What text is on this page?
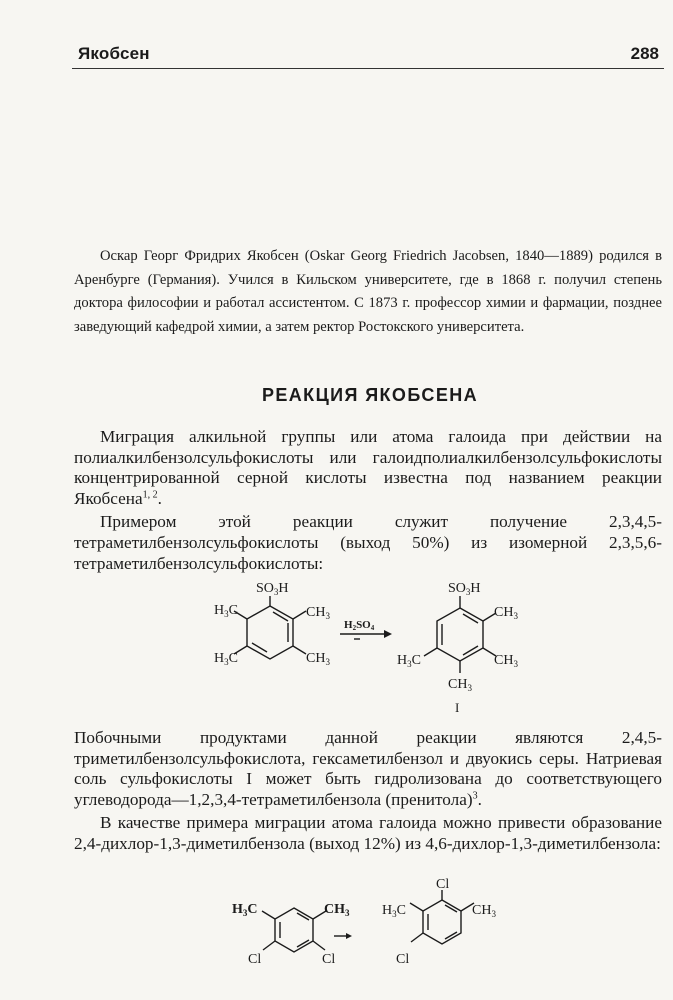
Якобсен	288

Оскар Георг Фридрих Якобсен (Oskar Georg Friedrich Jacobsen, 1840—1889) родился в Аренбурге (Германия). Учился в Кильском университете, где в 1868 г. получил степень доктора философии и работал ассистентом. С 1873 г. профессор химии и фармации, позднее заведующий кафедрой химии, а затем ректор Ростокского университета.

РЕАКЦИЯ ЯКОБСЕНА

Миграция алкильной группы или атома галоида при действии на полиалкилбензолсульфокислоты или галоидполиалкилбензолсульфокислоты концентрированной серной кислоты известна под названием реакции Якобсена$^{1, 2}$.

Примером этой реакции служит получение 2,3,4,5-тетраметилбензолсульфокислоты (выход 50%) из изомерной 2,3,5,6-тетраметилбензолсульфокислоты:

$SO_3H$
$H_3C$	$CH_3$
$H_3C$	$CH_3$
H2SO4
$SO_3H$
$CH_3$
$CH_3$
$H_3C$
$CH_3$
I

Побочными продуктами данной реакции являются 2,4,5-триметилбензолсульфокислота, гексаметилбензол и двуокись серы. Натриевая соль сульфокислоты I может быть гидролизована до соответствующего углеводорода—1,2,3,4-тетраметилбензола (пренитола)$^3$.

В качестве примера миграции атома галоида можно привести образование 2,4-дихлор-1,3-диметилбензола (выход 12%) из 4,6-дихлор-1,3-диметилбензола:

$H_3C$	$CH_3$
Cl	Cl
Cl
$H_3C$	$CH_3$
Cl
